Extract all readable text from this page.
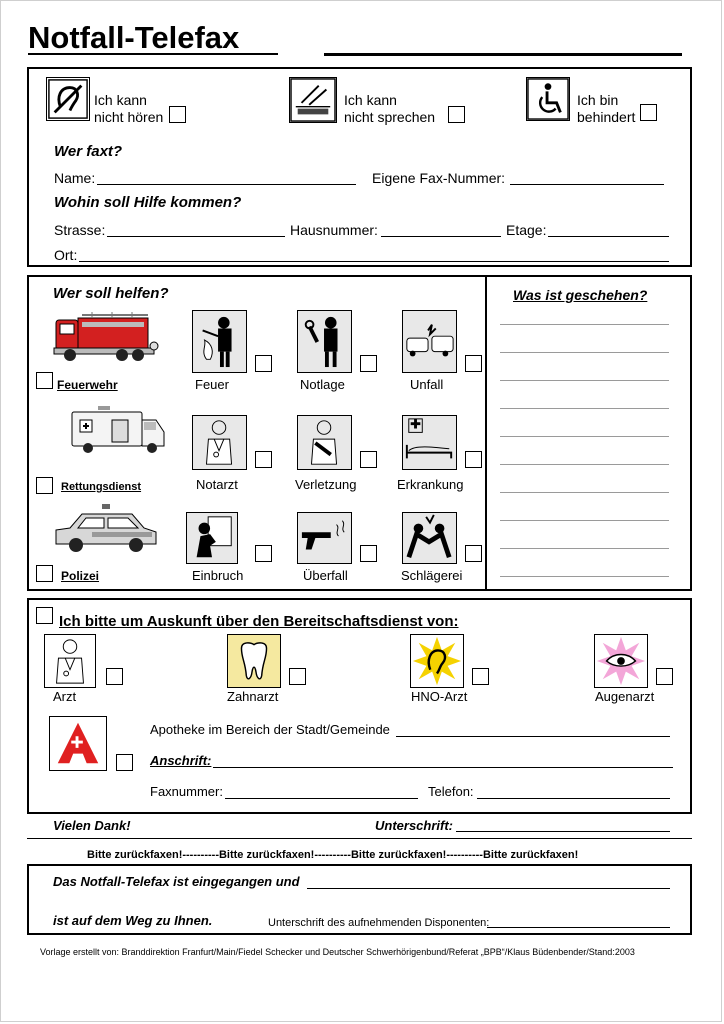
Notfall-Telefax
Ich kann
nicht hören
Ich kann
nicht sprechen
Ich bin
behindert
Wer faxt?
Name:	Eigene Fax-Nummer:
Wohin soll Hilfe kommen?
Strasse:	Hausnummer:	Etage:
Ort:
Wer soll helfen?	Was ist geschehen?
Feuerwehr	Feuer	Notlage	Unfall
Rettungsdienst	Notarzt	Verletzung	Erkrankung
Polizei	Einbruch	Überfall	Schlägerei
Ich bitte um Auskunft über den Bereitschaftsdienst von:
Arzt	Zahnarzt	HNO-Arzt	Augenarzt
Apotheke im Bereich der Stadt/Gemeinde
Anschrift:
Faxnummer:	Telefon:
Vielen Dank!	Unterschrift:
Bitte zurückfaxen!----------Bitte zurückfaxen!----------Bitte zurückfaxen!----------Bitte zurückfaxen!
Das Notfall-Telefax ist eingegangen und
ist auf dem Weg zu Ihnen.	Unterschrift des aufnehmenden Disponenten:
Vorlage erstellt von: Branddirektion Franfurt/Main/Fiedel Schecker und Deutscher Schwerhörigenbund/Referat „BPB“/Klaus Büdenbender/Stand:2003
